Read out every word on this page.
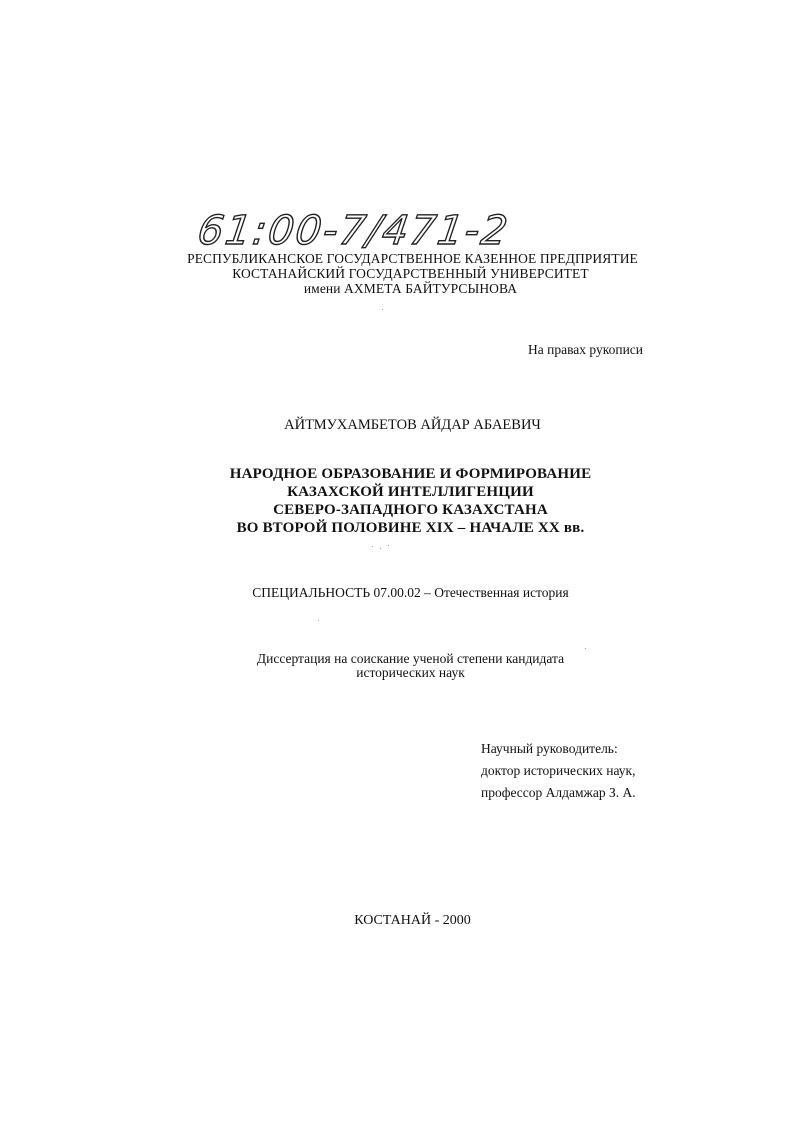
61:00-7/471-2
РЕСПУБЛИКАНСКОЕ ГОСУДАРСТВЕННОЕ КАЗЕННОЕ ПРЕДПРИЯТИЕ
КОСТАНАЙСКИЙ ГОСУДАРСТВЕННЫЙ УНИВЕРСИТЕТ
имени АХМЕТА БАЙТУРСЫНОВА
На правах рукописи
АЙТМУХАМБЕТОВ АЙДАР АБАЕВИЧ
НАРОДНОЕ ОБРАЗОВАНИЕ И ФОРМИРОВАНИЕ
КАЗАХСКОЙ ИНТЕЛЛИГЕНЦИИ
СЕВЕРО-ЗАПАДНОГО КАЗАХСТАНА
ВО ВТОРОЙ ПОЛОВИНЕ XIX – НАЧАЛЕ XX вв.
СПЕЦИАЛЬНОСТЬ 07.00.02 – Отечественная история
Диссертация на соискание ученой степени кандидата
исторических наук
Научный руководитель:
доктор исторических наук,
профессор Алдамжар З. А.
КОСТАНАЙ - 2000
